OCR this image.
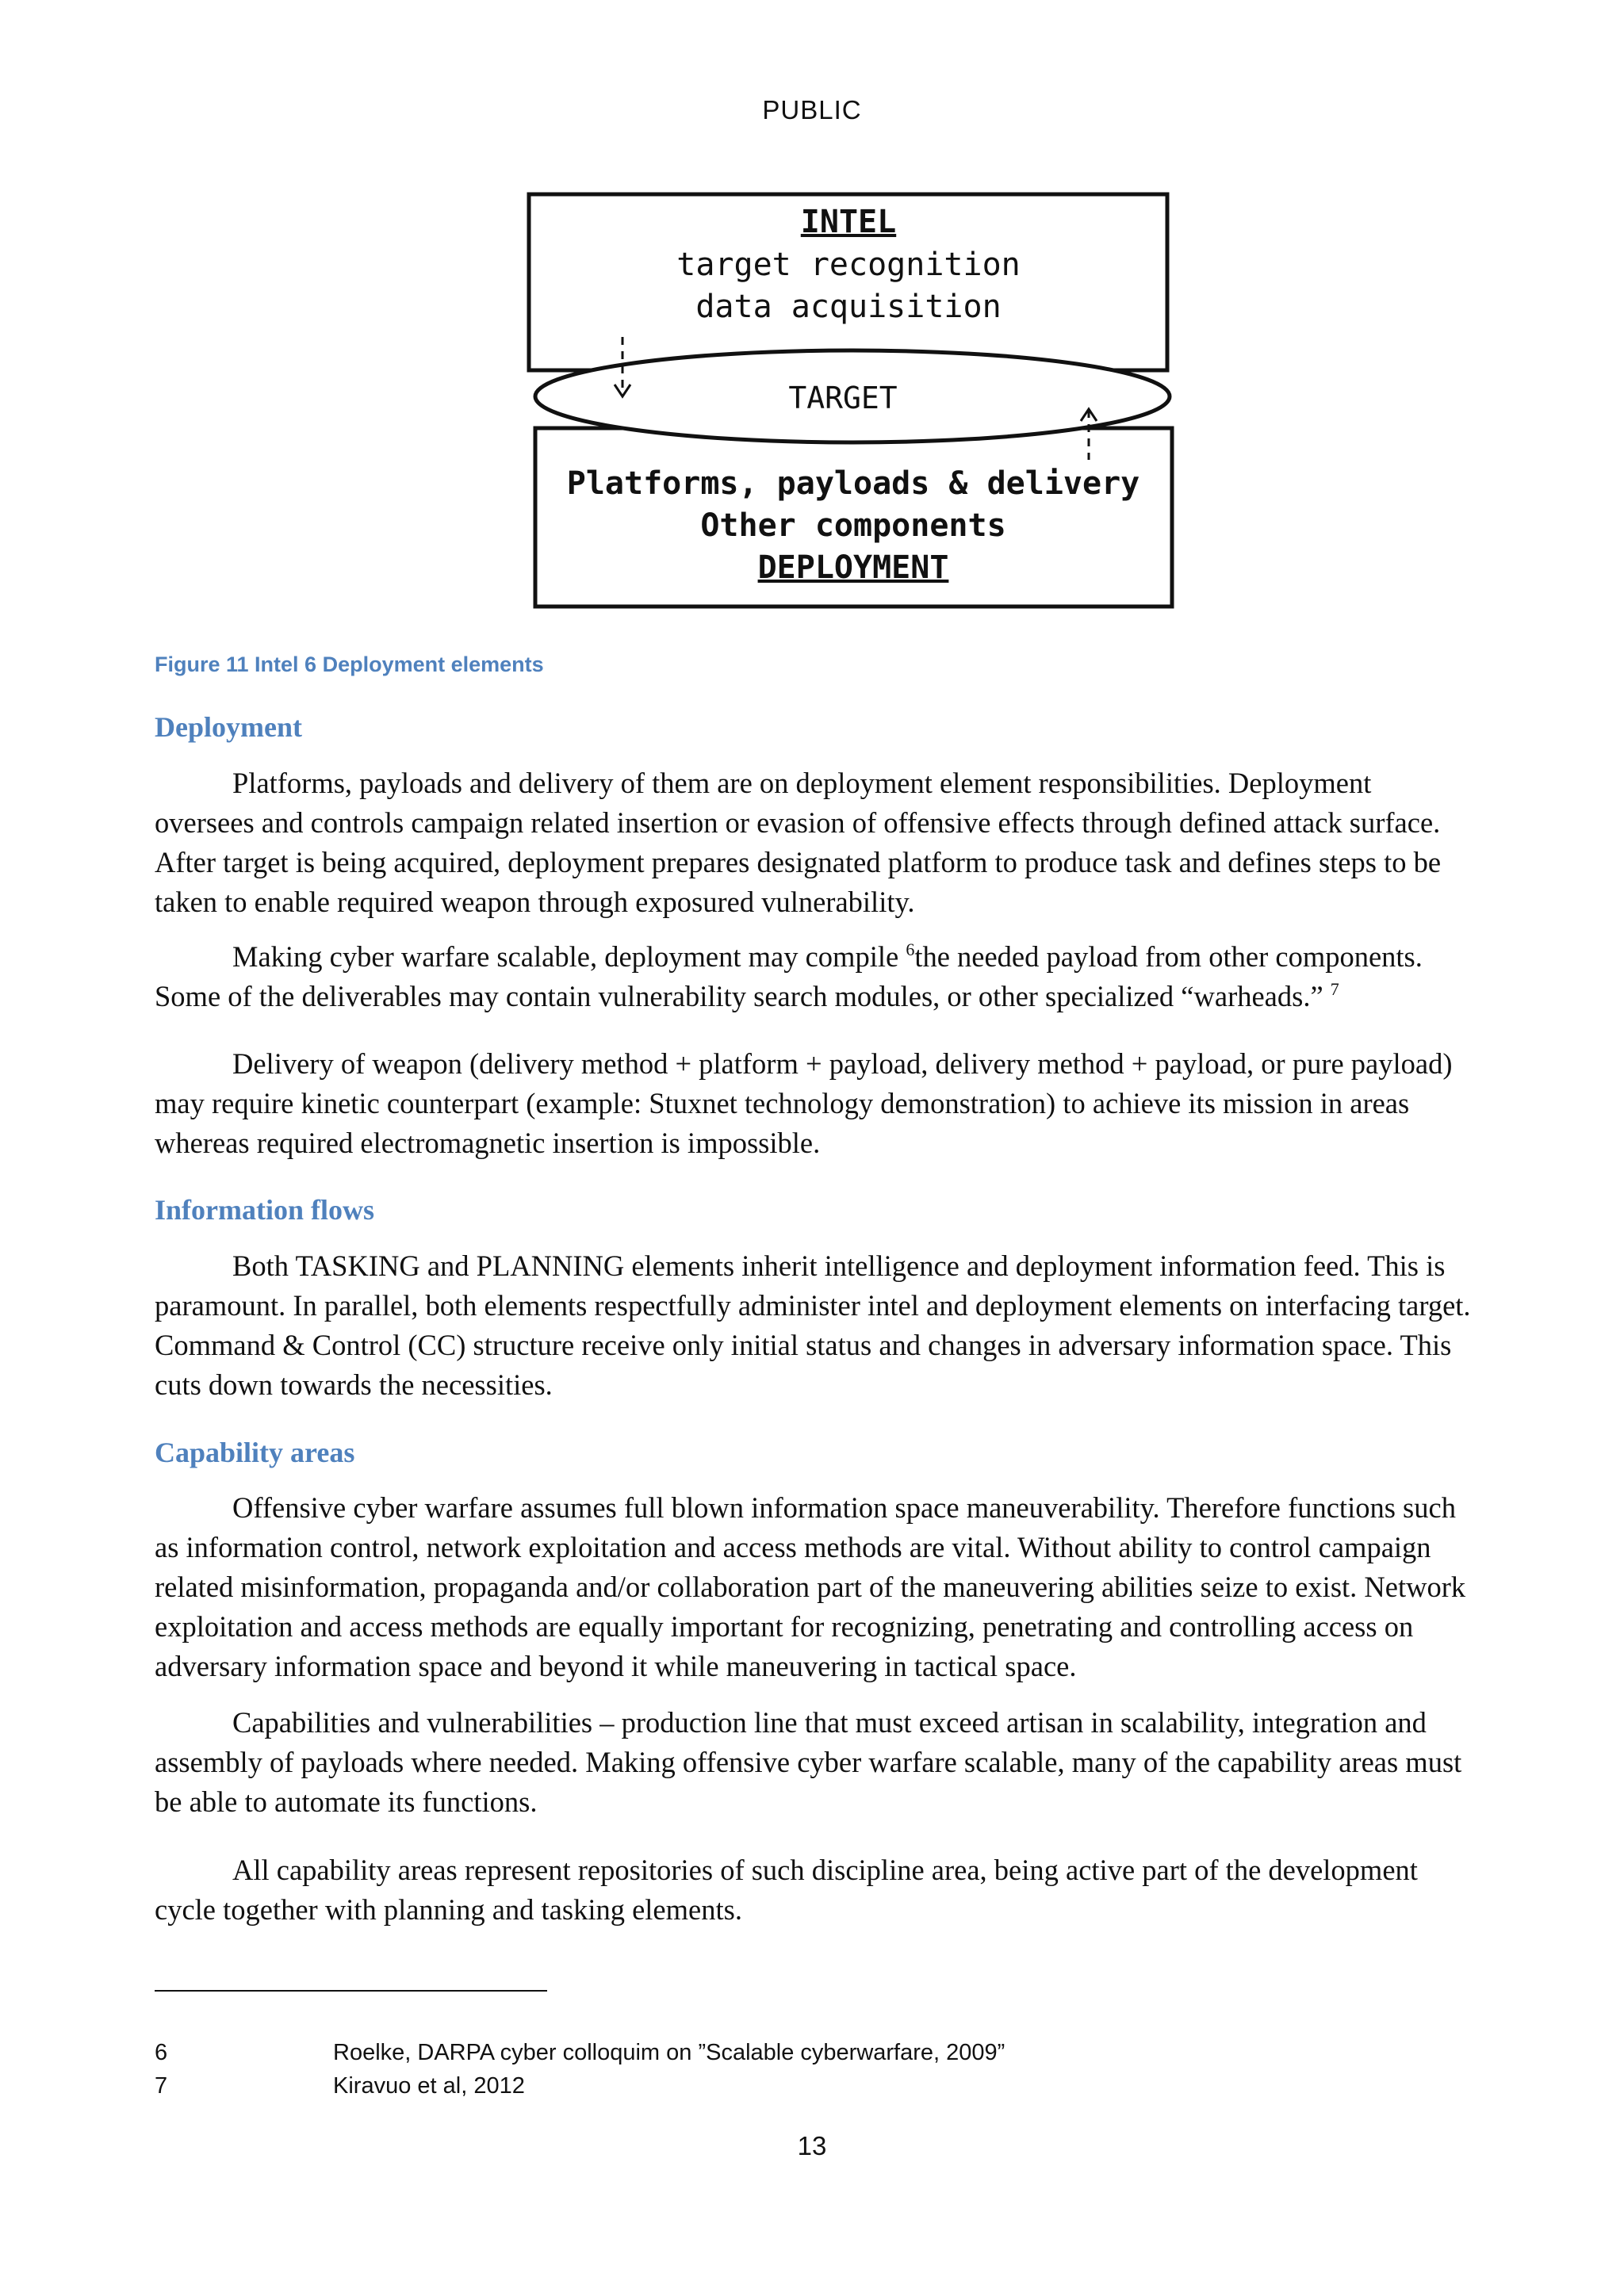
PUBLIC
INTEL
target recognition
data acquisition
Platforms, payloads & delivery
Other components
DEPLOYMENT
TARGET
Figure 11 Intel 6 Deployment elements
Deployment
Platforms, payloads and delivery of them are on deployment element responsibilities. Deployment oversees and controls campaign related insertion or evasion of offensive effects through defined attack surface. After target is being acquired, deployment prepares designated platform to produce task and defines steps to be taken to enable required weapon through exposured vulnerability.
Making cyber warfare scalable, deployment may compile $^6$the needed payload from other components. Some of the deliverables may contain vulnerability search modules, or other specialized “warheads.” $^7$
Delivery of weapon (delivery method + platform + payload, delivery method + payload, or pure payload) may require kinetic counterpart (example: Stuxnet technology demonstration) to achieve its mission in areas whereas required electromagnetic insertion is impossible.
Information flows
Both TASKING and PLANNING elements inherit intelligence and deployment information feed. This is paramount. In parallel, both elements respectfully administer intel and deployment elements on interfacing target. Command & Control (CC) structure receive only initial status and changes in adversary information space. This cuts down towards the necessities.
Capability areas
Offensive cyber warfare assumes full blown information space maneuverability. Therefore functions such as information control, network exploitation and access methods are vital. Without ability to control campaign related misinformation, propaganda and/or collaboration part of the maneuvering abilities seize to exist. Network exploitation and access methods are equally important for recognizing, penetrating and controlling access on adversary information space and beyond it while maneuvering in tactical space.
Capabilities and vulnerabilities – production line that must exceed artisan in scalability, integration and assembly of payloads where needed. Making offensive cyber warfare scalable, many of the capability areas must be able to automate its functions.
All capability areas represent repositories of such discipline area, being active part of the development cycle together with planning and tasking elements.
6	Roelke, DARPA cyber colloquim on ”Scalable cyberwarfare, 2009”
7	Kiravuo et al, 2012
13
